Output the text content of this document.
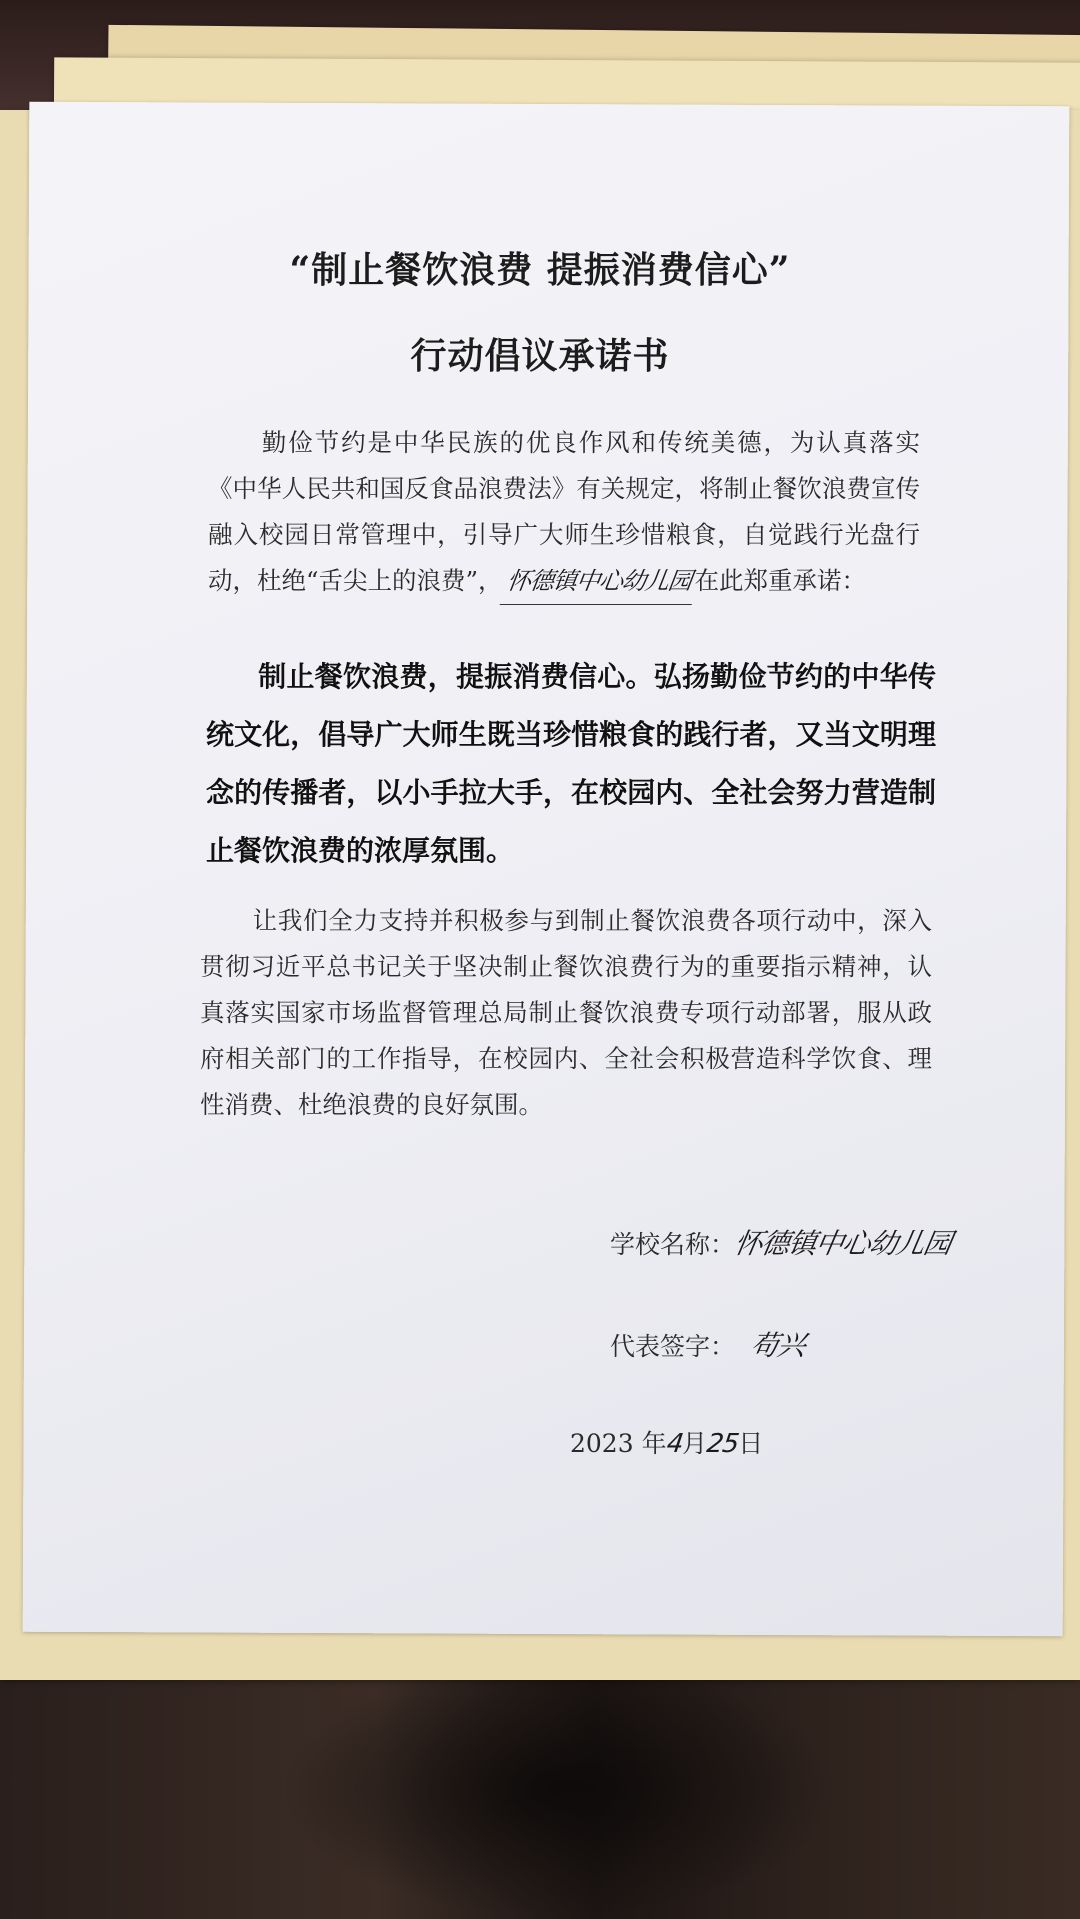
“制止餐饮浪费 提振消费信心”
行动倡议承诺书
勤俭节约是中华民族的优良作风和传统美德，为认真落实《中华人民共和国反食品浪费法》有关规定，将制止餐饮浪费宣传融入校园日常管理中，引导广大师生珍惜粮食，自觉践行光盘行动，杜绝“舌尖上的浪费”，怀德镇中心幼儿园在此郑重承诺：
制止餐饮浪费，提振消费信心。弘扬勤俭节约的中华传统文化，倡导广大师生既当珍惜粮食的践行者，又当文明理念的传播者，以小手拉大手，在校园内、全社会努力营造制止餐饮浪费的浓厚氛围。
让我们全力支持并积极参与到制止餐饮浪费各项行动中，深入贯彻习近平总书记关于坚决制止餐饮浪费行为的重要指示精神，认真落实国家市场监督管理总局制止餐饮浪费专项行动部署，服从政府相关部门的工作指导，在校园内、全社会积极营造科学饮食、理性消费、杜绝浪费的良好氛围。
学校名称：怀德镇中心幼儿园
代表签字： 苟兴
2023 年4月25日
